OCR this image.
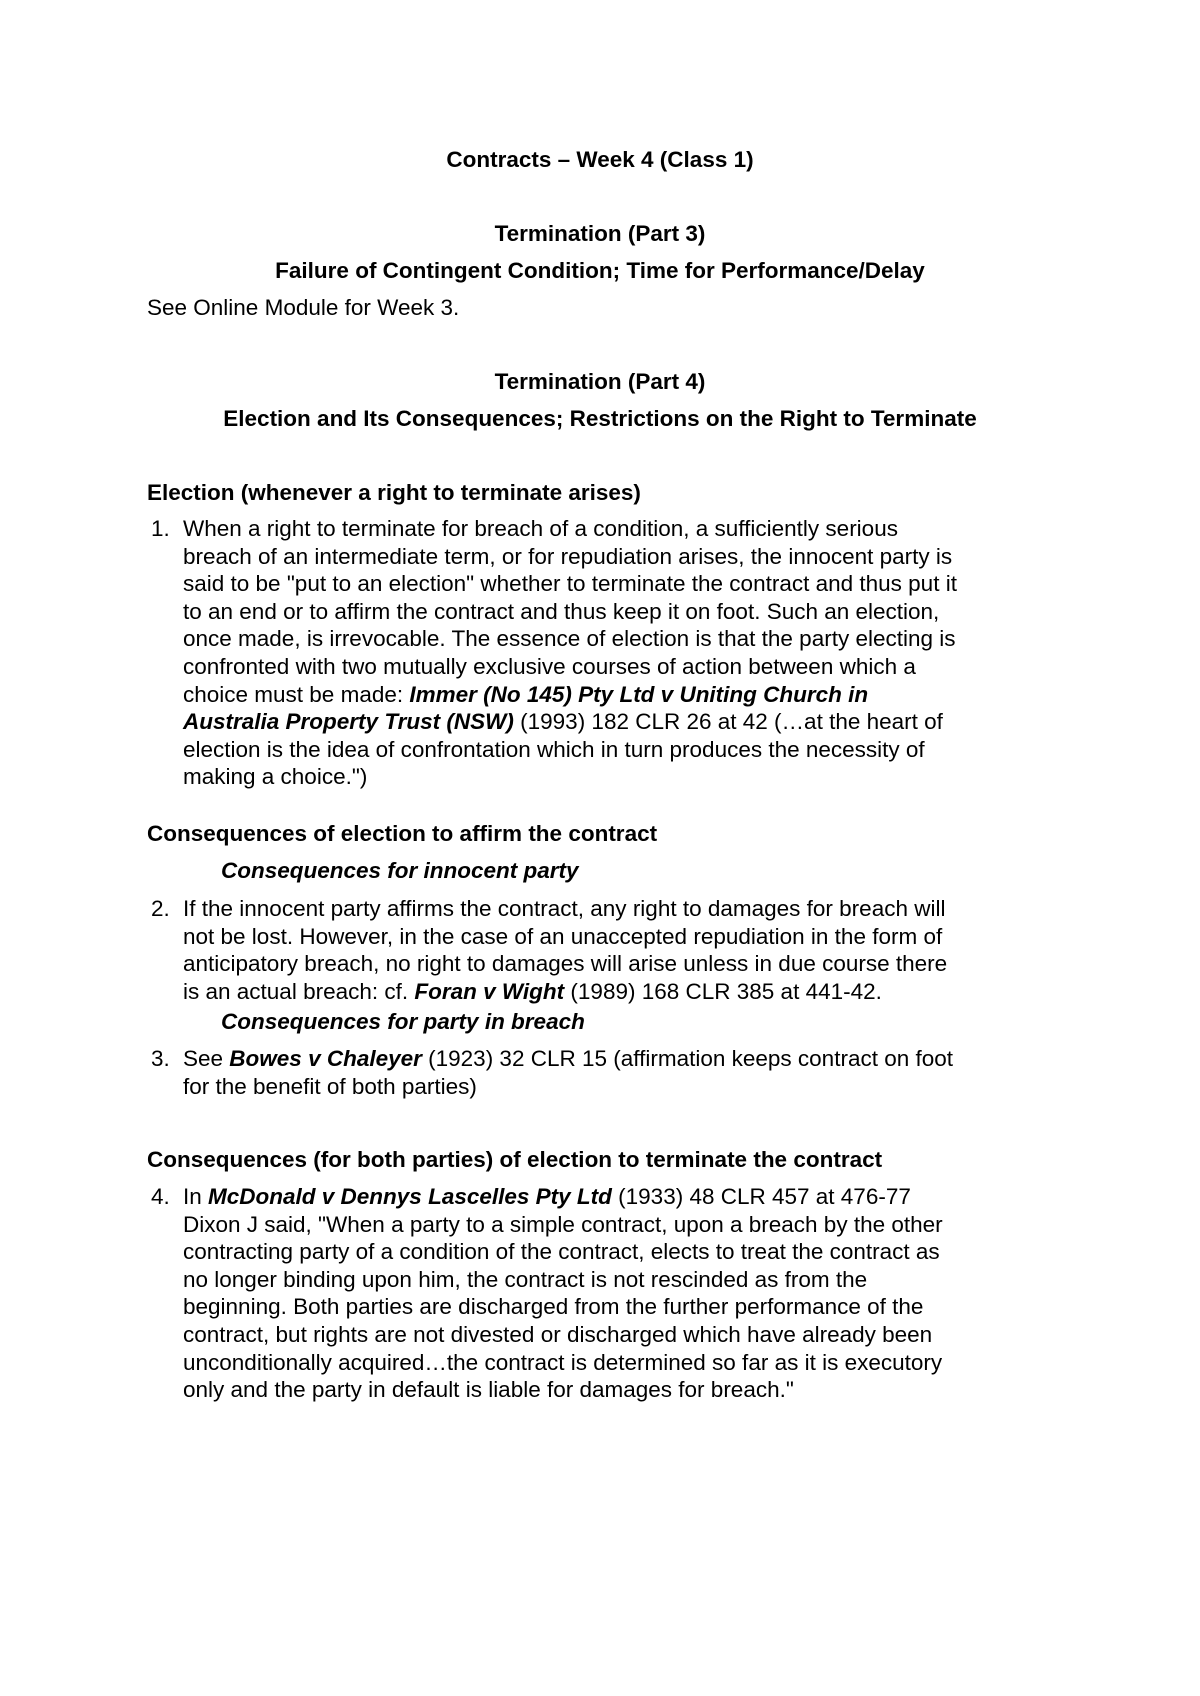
Contracts – Week 4 (Class 1)

Termination (Part 3)

Failure of Contingent Condition; Time for Performance/Delay

See Online Module for Week 3.

Termination (Part 4)

Election and Its Consequences; Restrictions on the Right to Terminate

Election (whenever a right to terminate arises)

1. When a right to terminate for breach of a condition, a sufficiently serious
breach of an intermediate term, or for repudiation arises, the innocent party is
said to be "put to an election" whether to terminate the contract and thus put it
to an end or to affirm the contract and thus keep it on foot. Such an election,
once made, is irrevocable. The essence of election is that the party electing is
confronted with two mutually exclusive courses of action between which a
choice must be made: Immer (No 145) Pty Ltd v Uniting Church in
Australia Property Trust (NSW) (1993) 182 CLR 26 at 42 (…at the heart of
election is the idea of confrontation which in turn produces the necessity of
making a choice.")

Consequences of election to affirm the contract

Consequences for innocent party

2. If the innocent party affirms the contract, any right to damages for breach will
not be lost. However, in the case of an unaccepted repudiation in the form of
anticipatory breach, no right to damages will arise unless in due course there
is an actual breach: cf. Foran v Wight (1989) 168 CLR 385 at 441-42.

Consequences for party in breach

3. See Bowes v Chaleyer (1923) 32 CLR 15 (affirmation keeps contract on foot
for the benefit of both parties)

Consequences (for both parties) of election to terminate the contract

4. In McDonald v Dennys Lascelles Pty Ltd (1933) 48 CLR 457 at 476-77
Dixon J said, "When a party to a simple contract, upon a breach by the other
contracting party of a condition of the contract, elects to treat the contract as
no longer binding upon him, the contract is not rescinded as from the
beginning. Both parties are discharged from the further performance of the
contract, but rights are not divested or discharged which have already been
unconditionally acquired…the contract is determined so far as it is executory
only and the party in default is liable for damages for breach."
